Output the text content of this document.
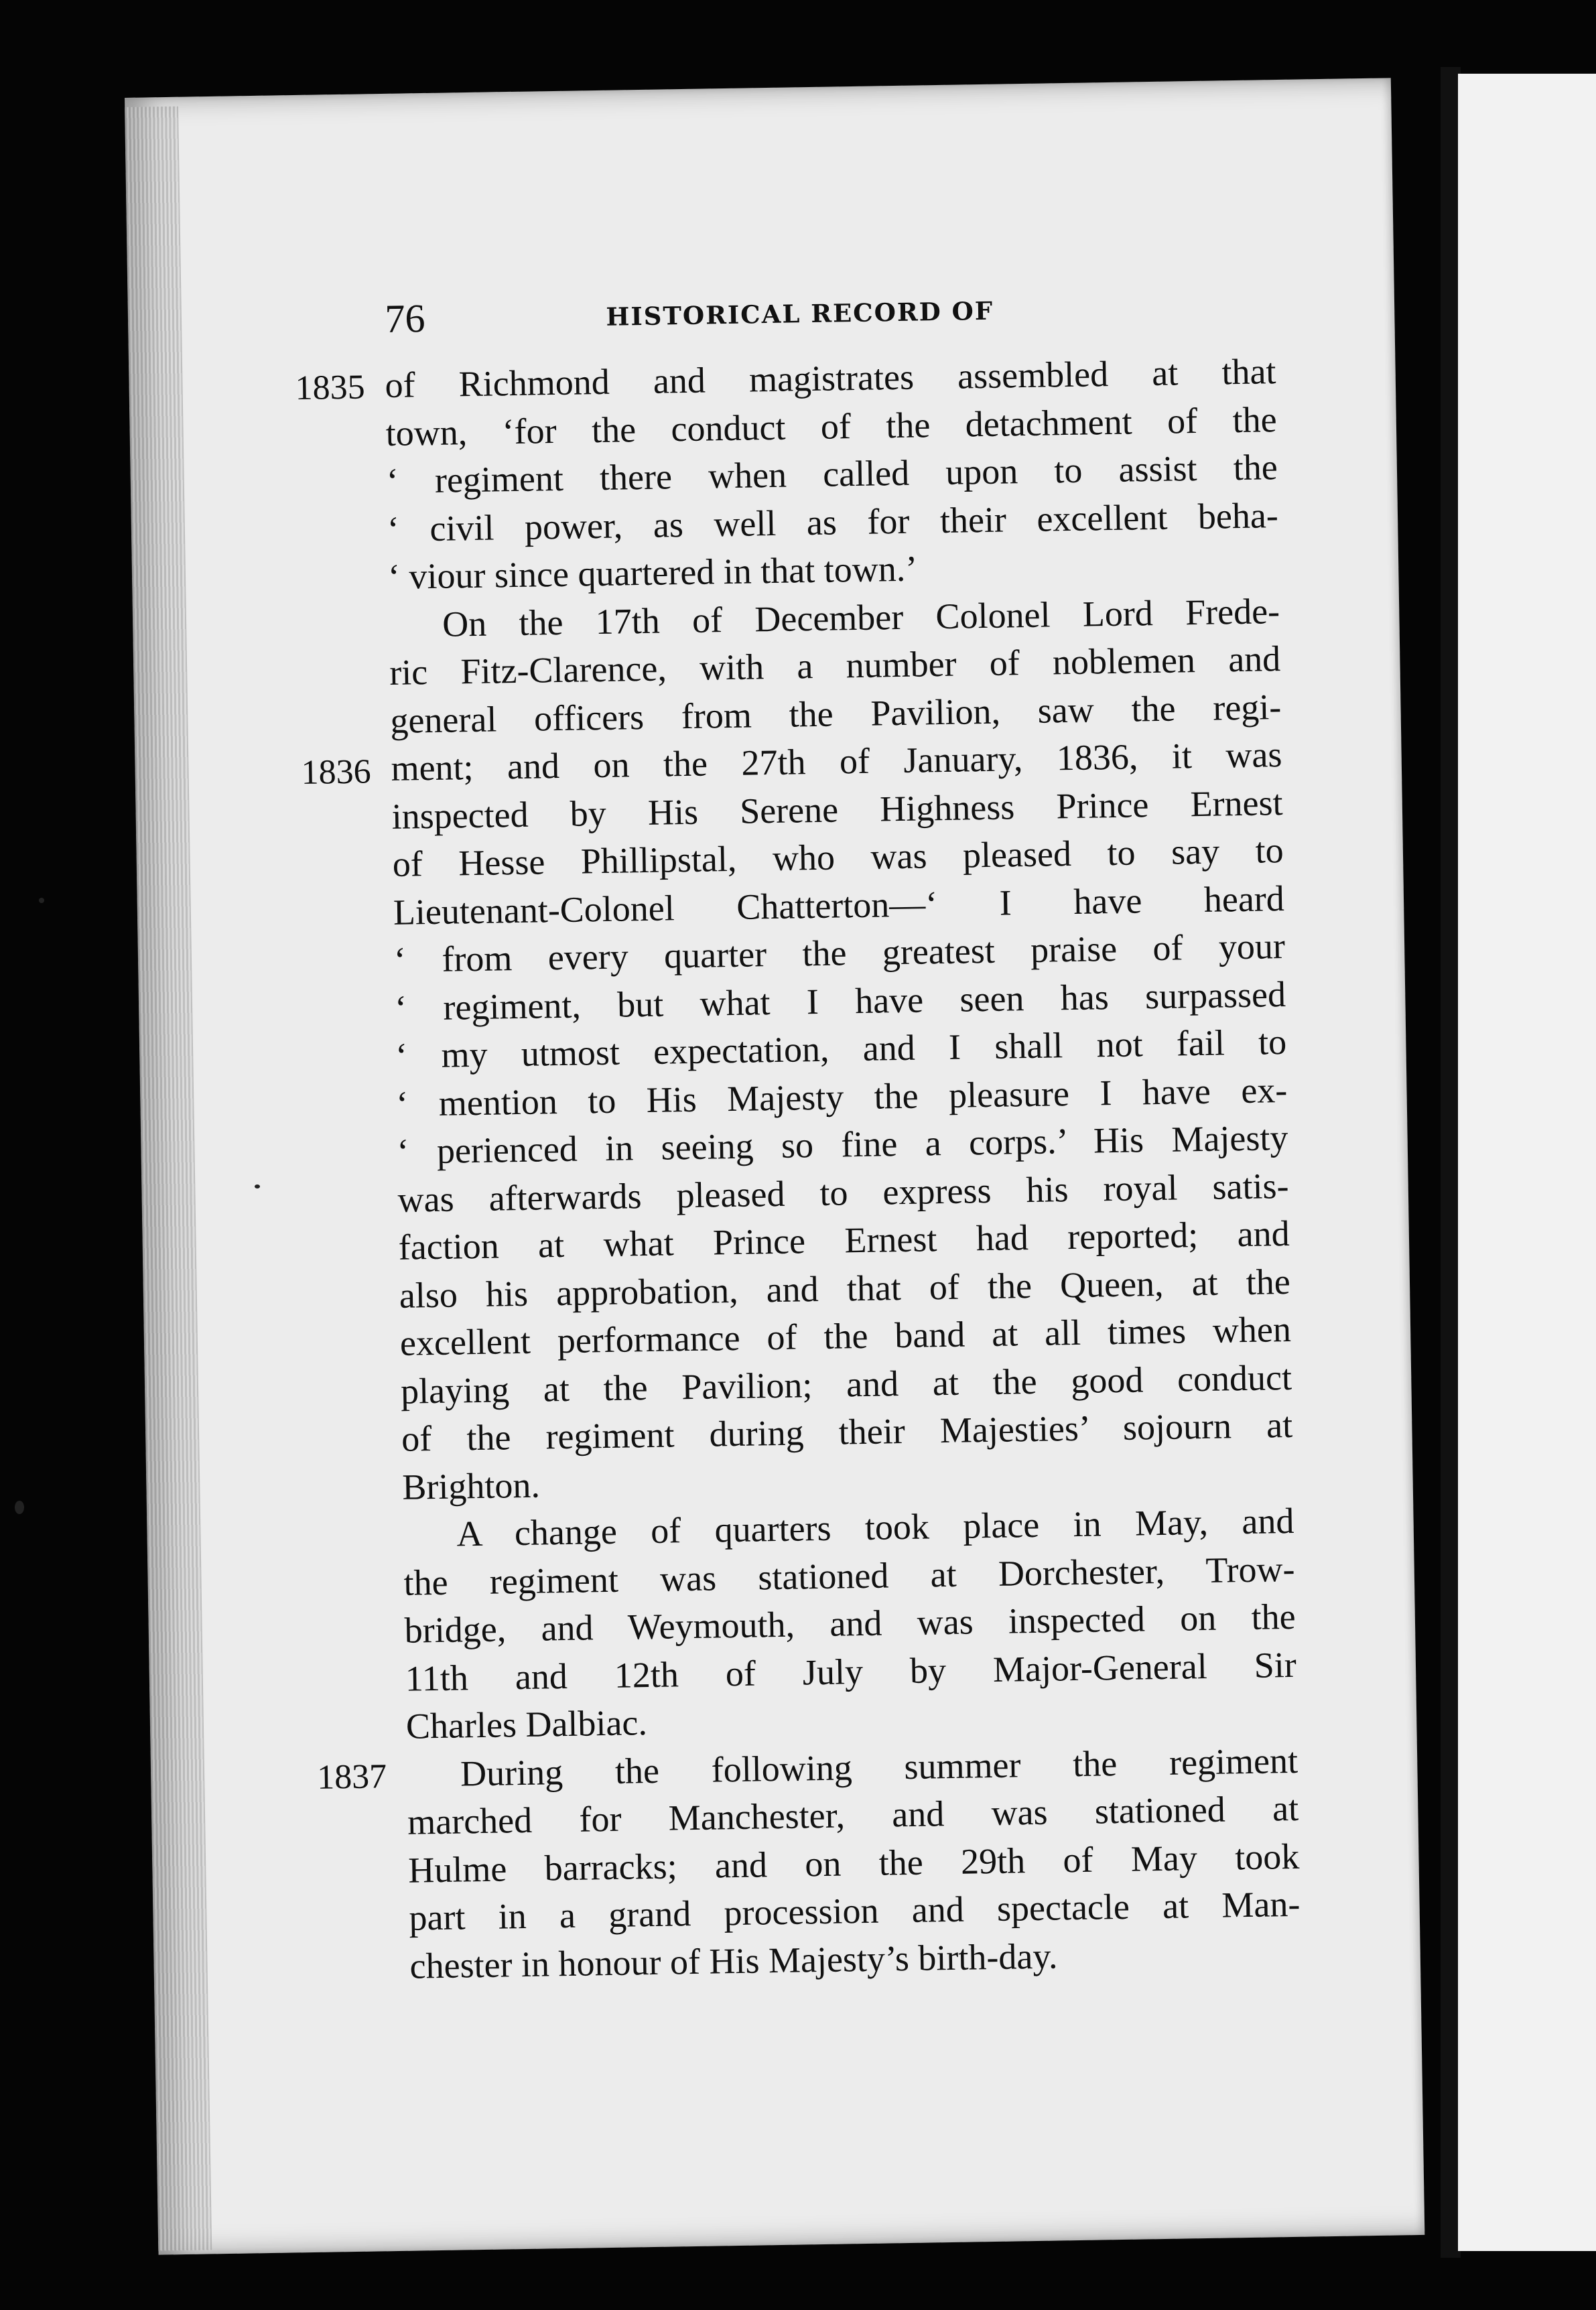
76	HISTORICAL RECORD OF
1835 of Richmond and magistrates assembled at that
town, ‘for the conduct of the detachment of the
‘ regiment there when called upon to assist the
‘ civil power, as well as for their excellent beha-
‘ viour since quartered in that town.’
1836
On the 17th of December Colonel Lord Frede-
ric Fitz-Clarence, with a number of noblemen and
general officers from the Pavilion, saw the regi-
ment; and on the 27th of January, 1836, it was
inspected by His Serene Highness Prince Ernest
of Hesse Phillipstal, who was pleased to say to
Lieutenant-Colonel Chatterton—‘ I have heard
‘ from every quarter the greatest praise of your
‘ regiment, but what I have seen has surpassed
‘ my utmost expectation, and I shall not fail to
‘ mention to His Majesty the pleasure I have ex-
‘ perienced in seeing so fine a corps.’ His Majesty
was afterwards pleased to express his royal satis-
faction at what Prince Ernest had reported; and
also his approbation, and that of the Queen, at the
excellent performance of the band at all times when
playing at the Pavilion; and at the good conduct
of the regiment during their Majesties’ sojourn at
Brighton.
A change of quarters took place in May, and
the regiment was stationed at Dorchester, Trow-
bridge, and Weymouth, and was inspected on the
11th and 12th of July by Major-General Sir
Charles Dalbiac.
1837	During the following summer the regiment
marched for Manchester, and was stationed at
Hulme barracks; and on the 29th of May took
part in a grand procession and spectacle at Man-
chester in honour of His Majesty’s birth-day.
